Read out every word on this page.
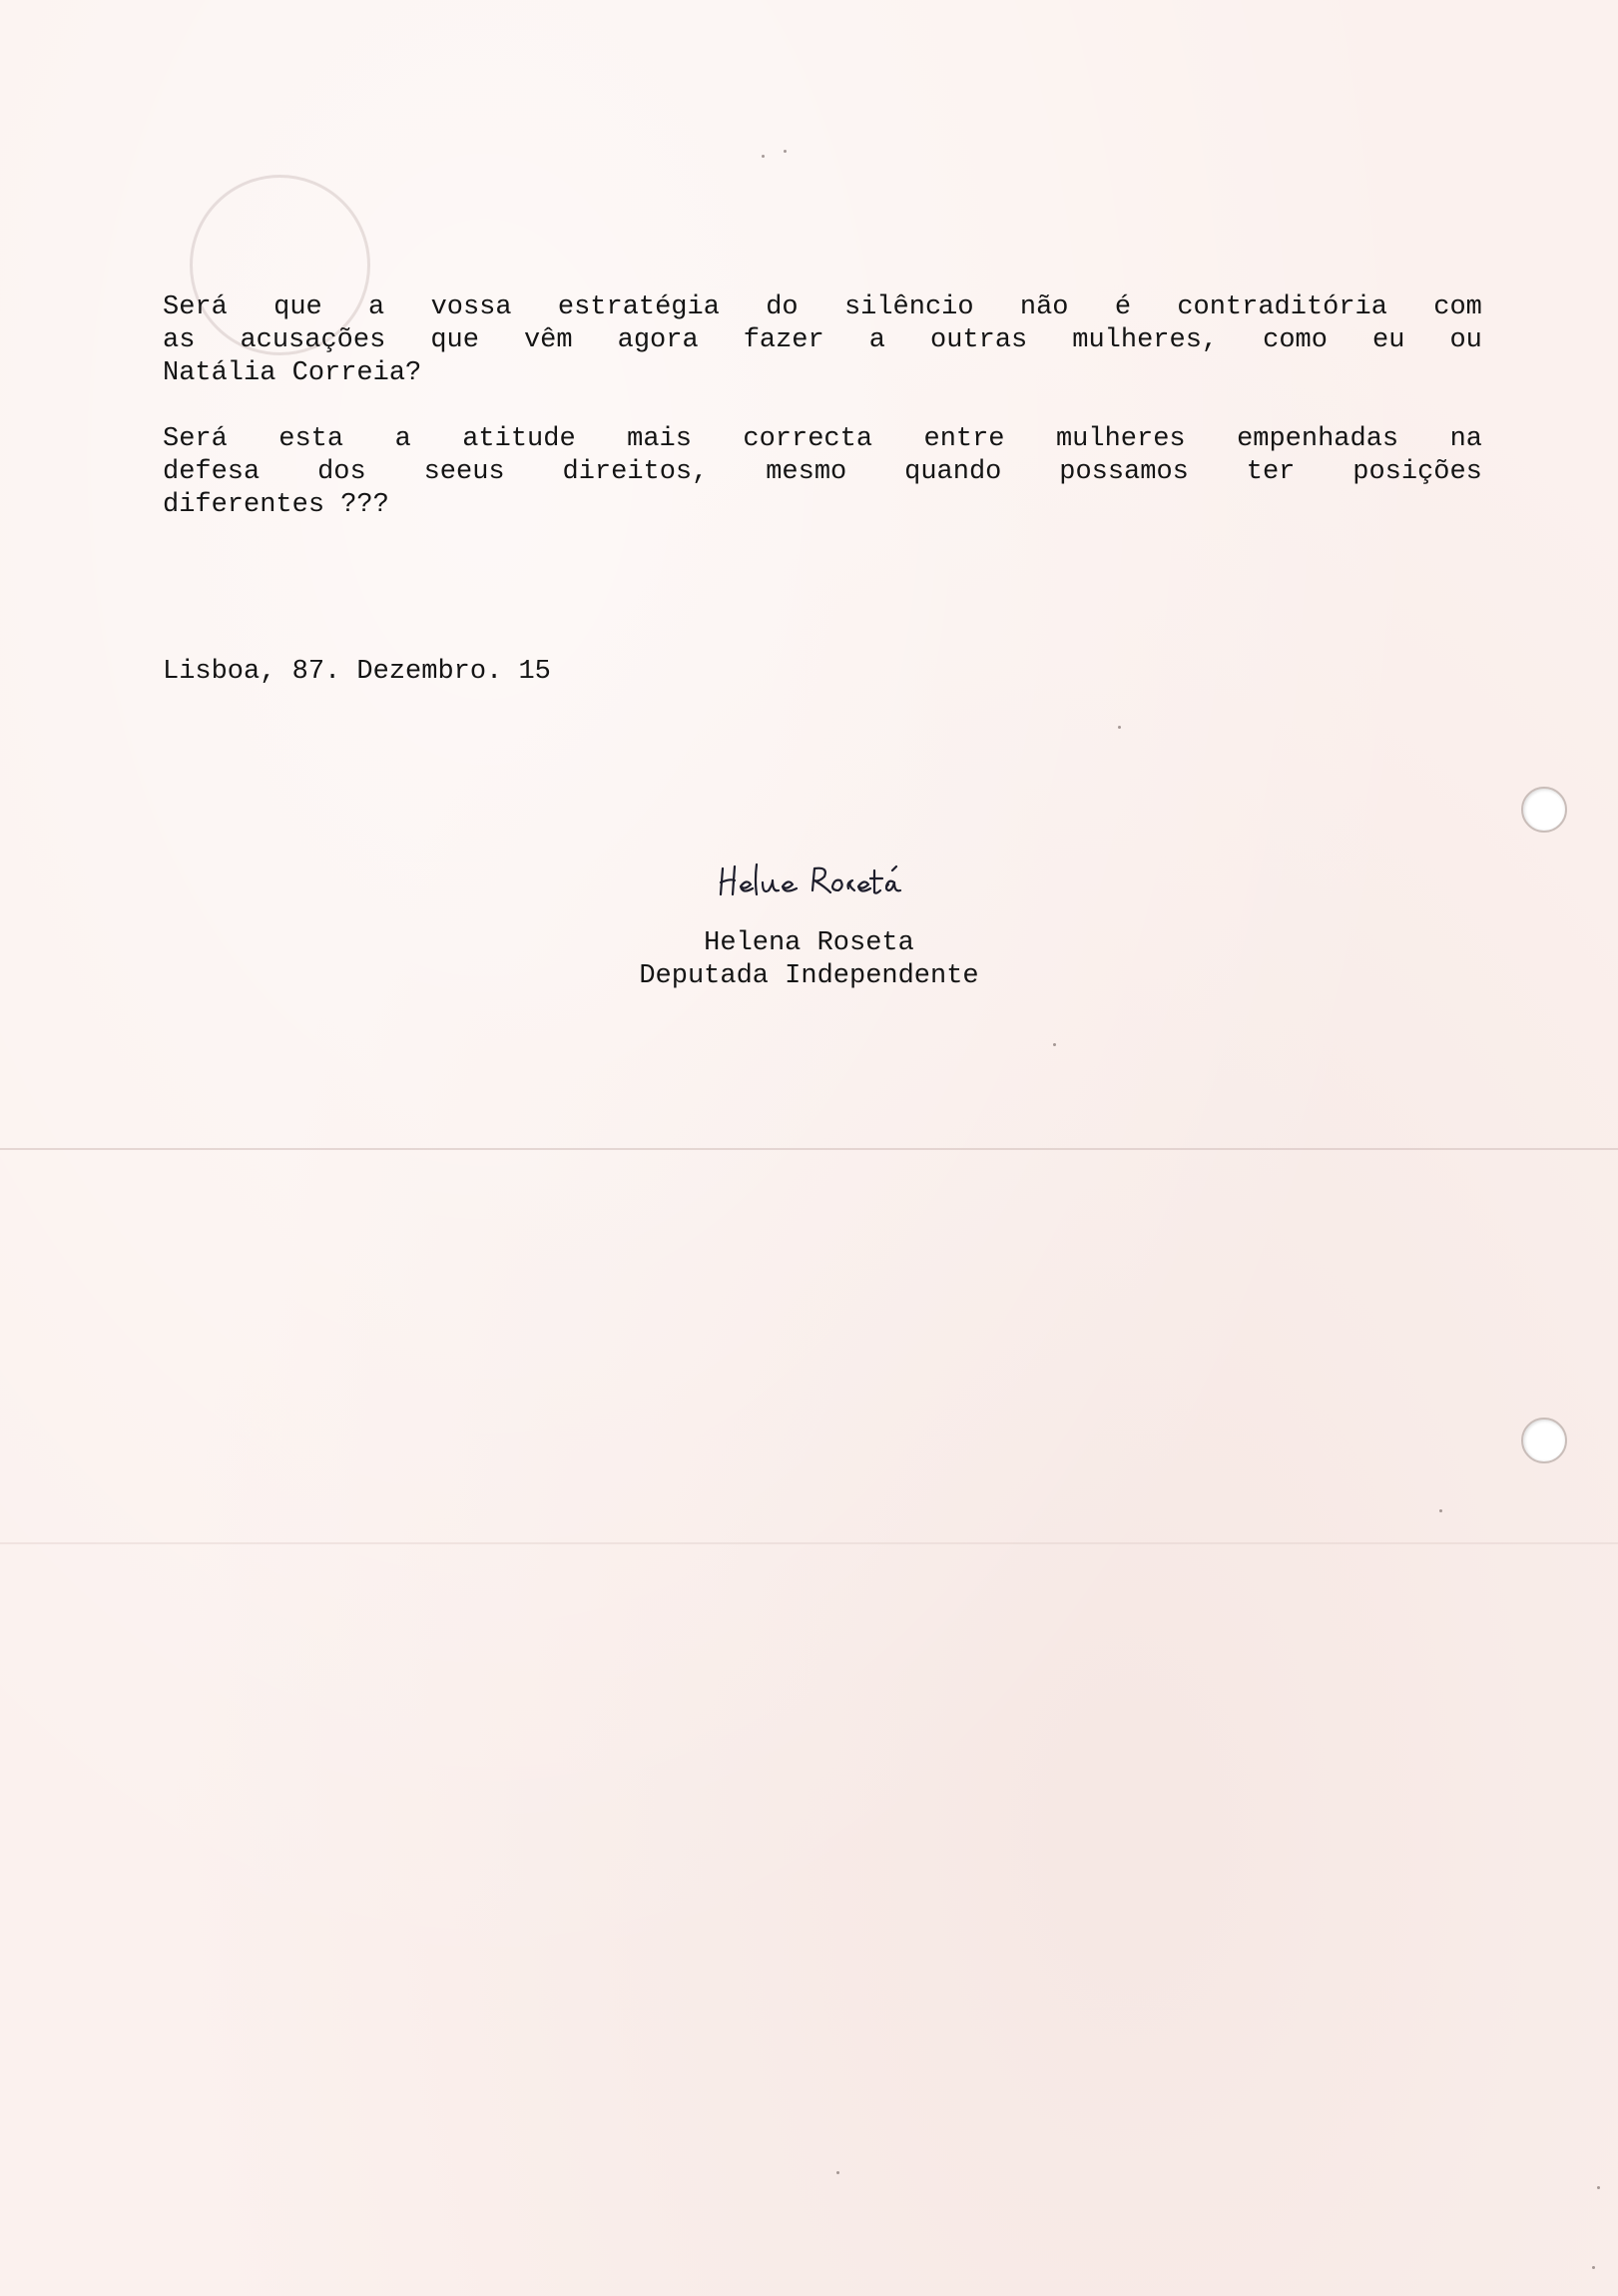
Será que a vossa estratégia do silêncio não é contraditória com
as acusações que vêm agora fazer a outras mulheres, como eu ou
Natália Correia?
Será esta a atitude mais correcta entre mulheres empenhadas na
defesa dos seeus direitos, mesmo quando possamos ter posições
diferentes ???
Lisboa, 87. Dezembro. 15
Helena Roseta
Deputada Independente
